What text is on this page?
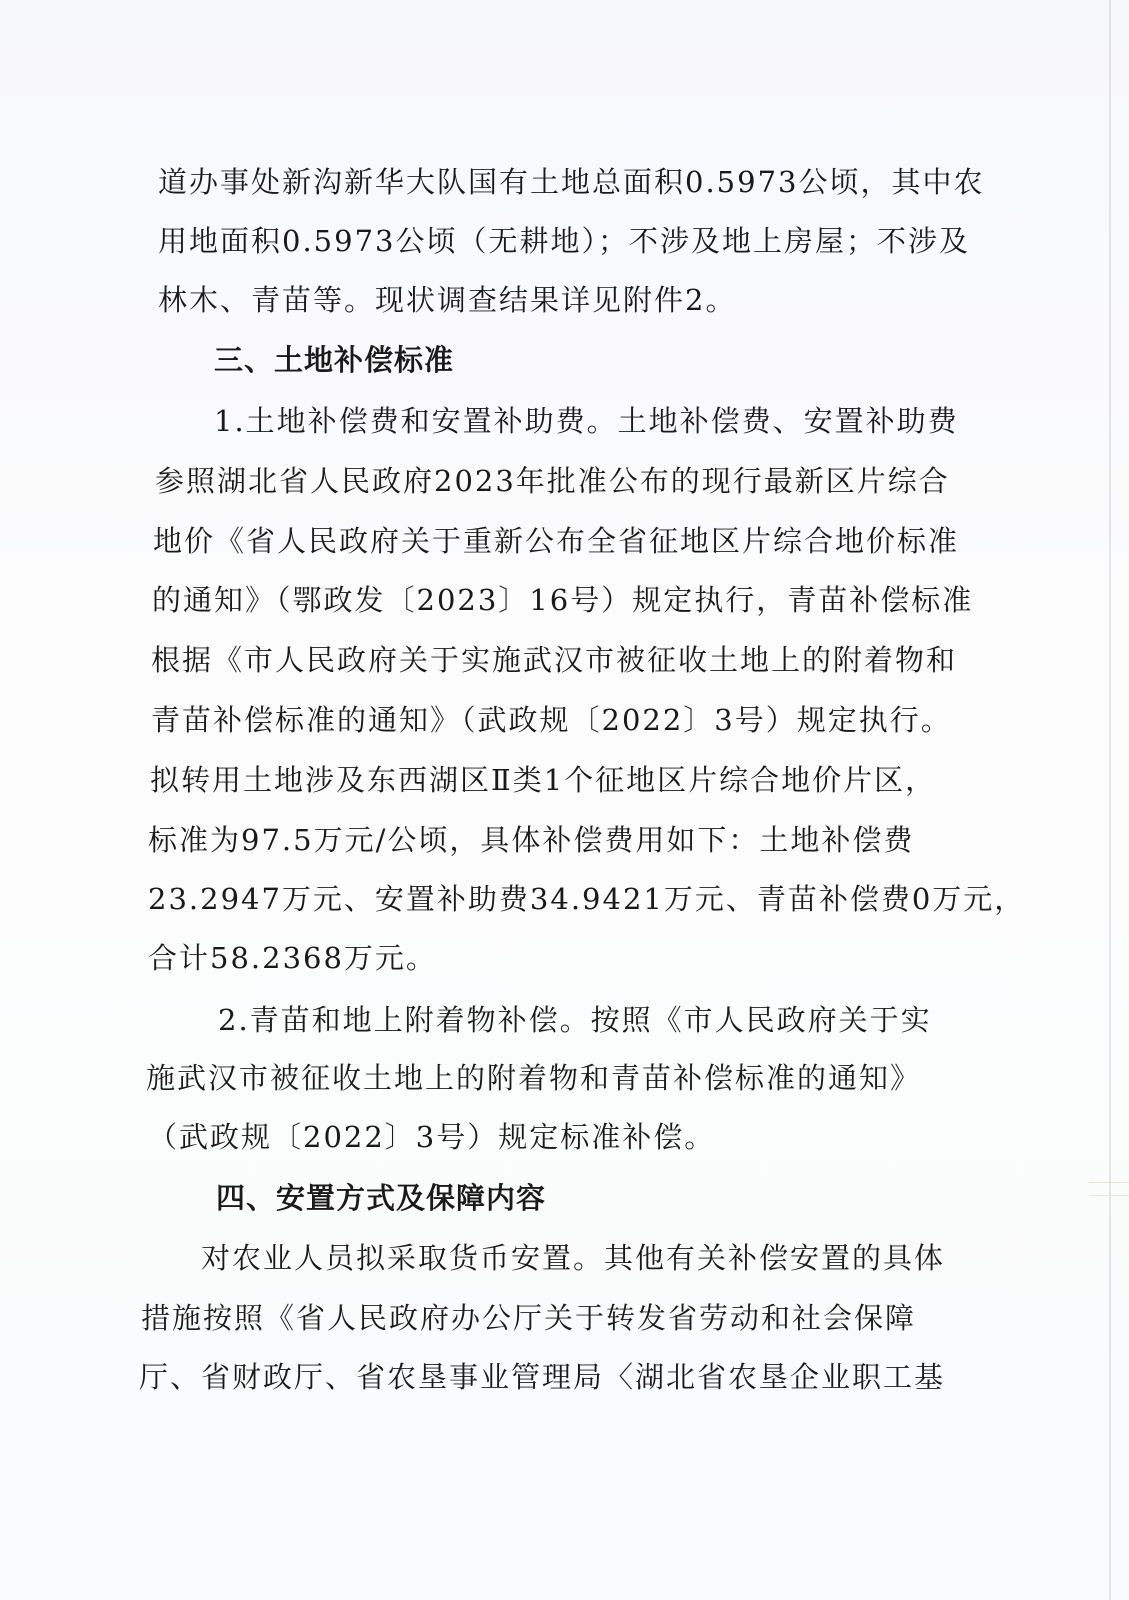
道办事处新沟新华大队国有土地总面积0.5973公顷，其中农
用地面积0.5973公顷（无耕地）；不涉及地上房屋；不涉及
林木、青苗等。现状调查结果详见附件2。
三、土地补偿标准
1.土地补偿费和安置补助费。土地补偿费、安置补助费
参照湖北省人民政府2023年批准公布的现行最新区片综合
地价《省人民政府关于重新公布全省征地区片综合地价标准
的通知》（鄂政发〔2023〕16号）规定执行，青苗补偿标准
根据《市人民政府关于实施武汉市被征收土地上的附着物和
青苗补偿标准的通知》（武政规〔2022〕3号）规定执行。
拟转用土地涉及东西湖区Ⅱ类1个征地区片综合地价片区，
标准为97.5万元/公顷，具体补偿费用如下：土地补偿费
23.2947万元、安置补助费34.9421万元、青苗补偿费0万元，
合计58.2368万元。
2.青苗和地上附着物补偿。按照《市人民政府关于实
施武汉市被征收土地上的附着物和青苗补偿标准的通知》
（武政规〔2022〕3号）规定标准补偿。
四、安置方式及保障内容
对农业人员拟采取货币安置。其他有关补偿安置的具体
措施按照《省人民政府办公厅关于转发省劳动和社会保障
厅、省财政厅、省农垦事业管理局〈湖北省农垦企业职工基
